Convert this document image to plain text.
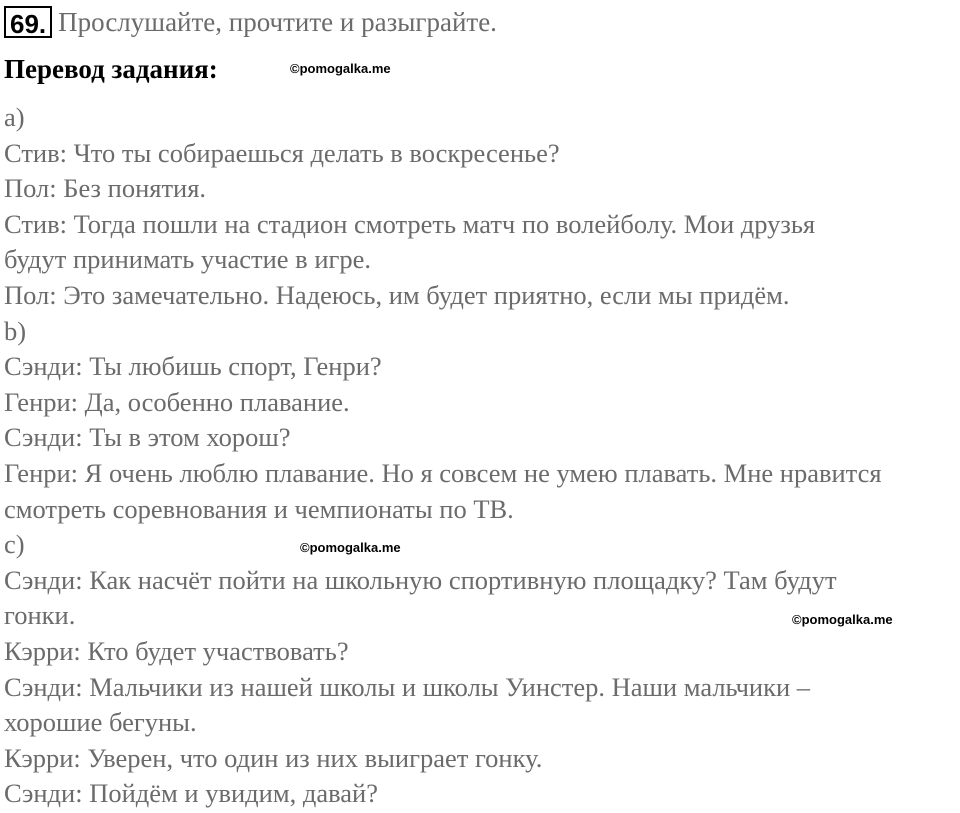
69. Прослушайте, прочтите и разыграйте.
Перевод задания:	©pomogalka.me
©pomogalka.me
©pomogalka.me
a)
Стив: Что ты собираешься делать в воскресенье?
Пол: Без понятия.
Стив: Тогда пошли на стадион смотреть матч по волейболу. Мои друзья
будут принимать участие в игре.
Пол: Это замечательно. Надеюсь, им будет приятно, если мы придём.
b)
Сэнди: Ты любишь спорт, Генри?
Генри: Да, особенно плавание.
Сэнди: Ты в этом хорош?
Генри: Я очень люблю плавание. Но я совсем не умею плавать. Мне нравится
смотреть соревнования и чемпионаты по ТВ.
c)
Сэнди: Как насчёт пойти на школьную спортивную площадку? Там будут
гонки.
Кэрри: Кто будет участвовать?
Сэнди: Мальчики из нашей школы и школы Уинстер. Наши мальчики –
хорошие бегуны.
Кэрри: Уверен, что один из них выиграет гонку.
Сэнди: Пойдём и увидим, давай?
